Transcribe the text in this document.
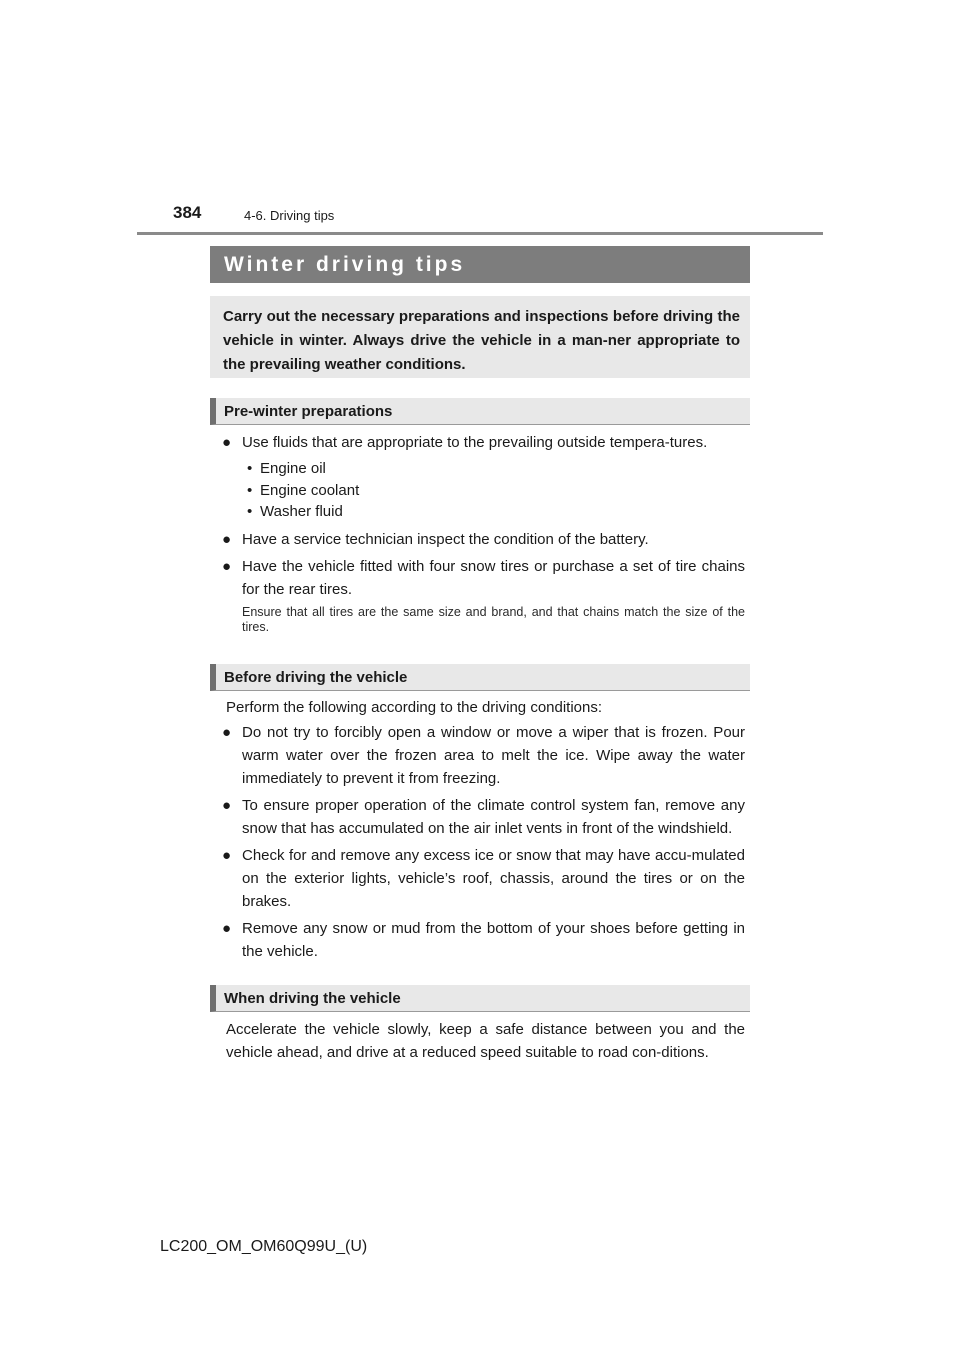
384	4-6. Driving tips
Winter driving tips
Carry out the necessary preparations and inspections before driving the vehicle in winter. Always drive the vehicle in a man-ner appropriate to the prevailing weather conditions.
Pre-winter preparations
● Use fluids that are appropriate to the prevailing outside tempera-tures.
• Engine oil
• Engine coolant
• Washer fluid
● Have a service technician inspect the condition of the battery.
● Have the vehicle fitted with four snow tires or purchase a set of tire chains for the rear tires.
Ensure that all tires are the same size and brand, and that chains match the size of the tires.
Before driving the vehicle
Perform the following according to the driving conditions:
● Do not try to forcibly open a window or move a wiper that is frozen. Pour warm water over the frozen area to melt the ice. Wipe away the water immediately to prevent it from freezing.
● To ensure proper operation of the climate control system fan, remove any snow that has accumulated on the air inlet vents in front of the windshield.
● Check for and remove any excess ice or snow that may have accu-mulated on the exterior lights, vehicle’s roof, chassis, around the tires or on the brakes.
● Remove any snow or mud from the bottom of your shoes before getting in the vehicle.
When driving the vehicle
Accelerate the vehicle slowly, keep a safe distance between you and the vehicle ahead, and drive at a reduced speed suitable to road con-ditions.
LC200_OM_OM60Q99U_(U)
